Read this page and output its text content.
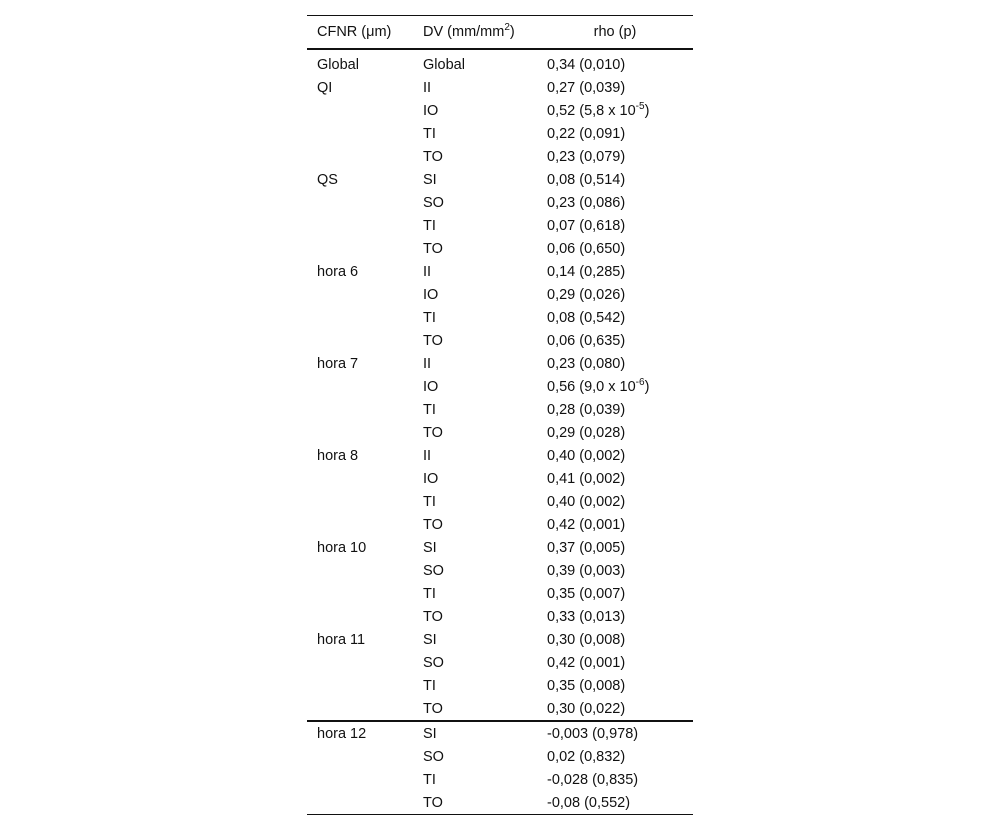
CFNR (μm)	DV $(mm/mm^2)$	rho (p)
Global	Global	0,34 (0,010)
QI	II	0,27 (0,039)
	IO	0,52 (5,8 x $10^{-5}$)
	TI	0,22 (0,091)
	TO	0,23 (0,079)
QS	SI	0,08 (0,514)
	SO	0,23 (0,086)
	TI	0,07 (0,618)
	TO	0,06 (0,650)
hora 6	II	0,14 (0,285)
	IO	0,29 (0,026)
	TI	0,08 (0,542)
	TO	0,06 (0,635)
hora 7	II	0,23 (0,080)
	IO	0,56 (9,0 x $10^{-6}$)
	TI	0,28 (0,039)
	TO	0,29 (0,028)
hora 8	II	0,40 (0,002)
	IO	0,41 (0,002)
	TI	0,40 (0,002)
	TO	0,42 (0,001)
hora 10	SI	0,37 (0,005)
	SO	0,39 (0,003)
	TI	0,35 (0,007)
	TO	0,33 (0,013)
hora 11	SI	0,30 (0,008)
	SO	0,42 (0,001)
	TI	0,35 (0,008)
	TO	0,30 (0,022)
hora 12	SI	-0,003 (0,978)
	SO	0,02 (0,832)
	TI	-0,028 (0,835)
	TO	-0,08 (0,552)
